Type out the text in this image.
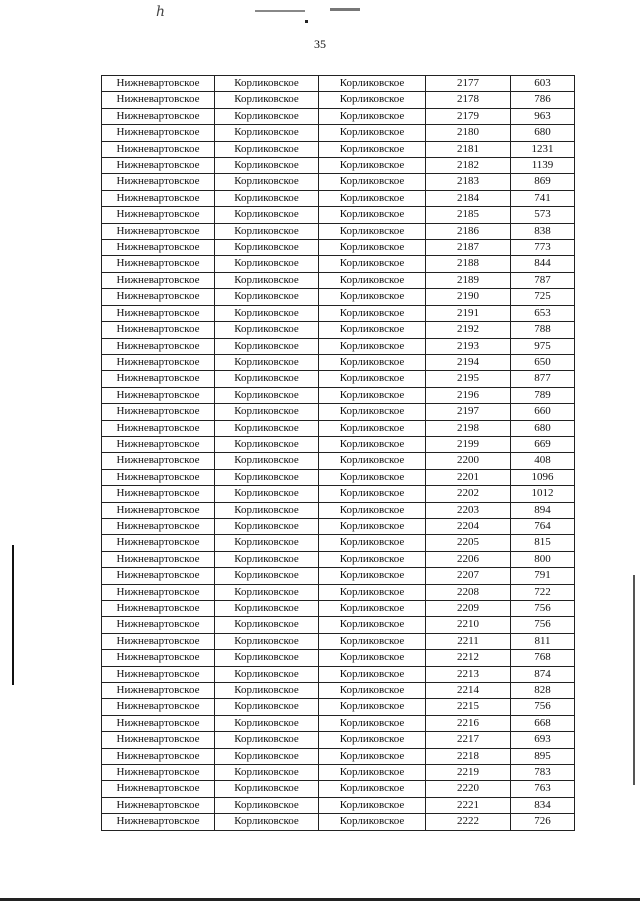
ℎ
35
Нижневартовское	Корликовское	Корликовское	2177	603
Нижневартовское	Корликовское	Корликовское	2178	786
Нижневартовское	Корликовское	Корликовское	2179	963
Нижневартовское	Корликовское	Корликовское	2180	680
Нижневартовское	Корликовское	Корликовское	2181	1231
Нижневартовское	Корликовское	Корликовское	2182	1139
Нижневартовское	Корликовское	Корликовское	2183	869
Нижневартовское	Корликовское	Корликовское	2184	741
Нижневартовское	Корликовское	Корликовское	2185	573
Нижневартовское	Корликовское	Корликовское	2186	838
Нижневартовское	Корликовское	Корликовское	2187	773
Нижневартовское	Корликовское	Корликовское	2188	844
Нижневартовское	Корликовское	Корликовское	2189	787
Нижневартовское	Корликовское	Корликовское	2190	725
Нижневартовское	Корликовское	Корликовское	2191	653
Нижневартовское	Корликовское	Корликовское	2192	788
Нижневартовское	Корликовское	Корликовское	2193	975
Нижневартовское	Корликовское	Корликовское	2194	650
Нижневартовское	Корликовское	Корликовское	2195	877
Нижневартовское	Корликовское	Корликовское	2196	789
Нижневартовское	Корликовское	Корликовское	2197	660
Нижневартовское	Корликовское	Корликовское	2198	680
Нижневартовское	Корликовское	Корликовское	2199	669
Нижневартовское	Корликовское	Корликовское	2200	408
Нижневартовское	Корликовское	Корликовское	2201	1096
Нижневартовское	Корликовское	Корликовское	2202	1012
Нижневартовское	Корликовское	Корликовское	2203	894
Нижневартовское	Корликовское	Корликовское	2204	764
Нижневартовское	Корликовское	Корликовское	2205	815
Нижневартовское	Корликовское	Корликовское	2206	800
Нижневартовское	Корликовское	Корликовское	2207	791
Нижневартовское	Корликовское	Корликовское	2208	722
Нижневартовское	Корликовское	Корликовское	2209	756
Нижневартовское	Корликовское	Корликовское	2210	756
Нижневартовское	Корликовское	Корликовское	2211	811
Нижневартовское	Корликовское	Корликовское	2212	768
Нижневартовское	Корликовское	Корликовское	2213	874
Нижневартовское	Корликовское	Корликовское	2214	828
Нижневартовское	Корликовское	Корликовское	2215	756
Нижневартовское	Корликовское	Корликовское	2216	668
Нижневартовское	Корликовское	Корликовское	2217	693
Нижневартовское	Корликовское	Корликовское	2218	895
Нижневартовское	Корликовское	Корликовское	2219	783
Нижневартовское	Корликовское	Корликовское	2220	763
Нижневартовское	Корликовское	Корликовское	2221	834
Нижневартовское	Корликовское	Корликовское	2222	726
